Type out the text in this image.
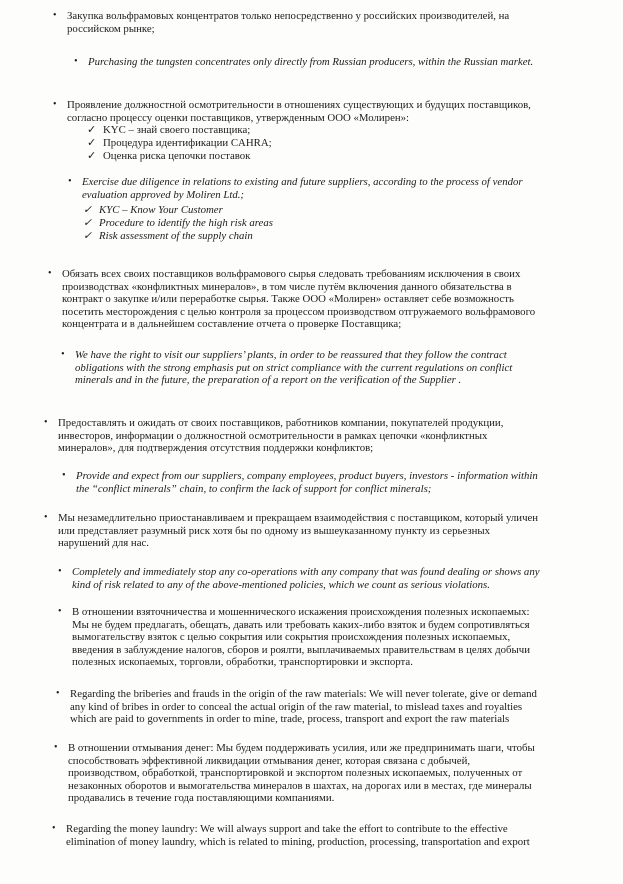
• Закупка вольфрамовых концентратов только непосредственно у российских производителей, на
российском рынке;
• Purchasing the tungsten concentrates only directly from Russian producers, within the Russian market.
• Проявление должностной осмотрительности в отношениях существующих и будущих поставщиков,
согласно процессу оценки поставщиков, утвержденным ООО «Молирен»:
✓ KYC – знай своего поставщика;
✓ Процедура идентификации CAHRA;
✓ Оценка риска цепочки поставок
• Exercise due diligence in relations to existing and future suppliers, according to the process of vendor
evaluation approved by Moliren Ltd.;
✓ KYC – Know Your Customer
✓ Procedure to identify the high risk areas
✓ Risk assessment of the supply chain
• Обязать всех своих поставщиков вольфрамового сырья следовать требованиям исключения в своих
производствах «конфликтных минералов», в том числе путём включения данного обязательства в
контракт о закупке и/или переработке сырья. Также ООО «Молирен» оставляет себе возможность
посетить месторождения с целью контроля за процессом производством отгружаемого вольфрамового
концентрата и в дальнейшем составление отчета о проверке Поставщика;
• We have the right to visit our suppliers’ plants, in order to be reassured that they follow the contract
obligations with the strong emphasis put on strict compliance with the current regulations on conflict
minerals and in the future, the preparation of a report on the verification of the Supplier .
• Предоставлять и ожидать от своих поставщиков, работников компании, покупателей продукции,
инвесторов, информации о должностной осмотрительности в рамках цепочки «конфликтных
минералов», для подтверждения отсутствия поддержки конфликтов;
• Provide and expect from our suppliers, company employees, product buyers, investors - information within
the “conflict minerals” chain, to confirm the lack of support for conflict minerals;
• Мы незамедлительно приостанавливаем и прекращаем взаимодействия с поставщиком, который уличен
или представляет разумный риск хотя бы по одному из вышеуказанному пункту из серьезных
нарушений для нас.
• Completely and immediately stop any co-operations with any company that was found dealing or shows any
kind of risk related to any of the above-mentioned policies, which we count as serious violations.
• В отношении взяточничества и мошеннического искажения происхождения полезных ископаемых:
Мы не будем предлагать, обещать, давать или требовать каких-либо взяток и будем сопротивляться
вымогательству взяток с целью сокрытия или сокрытия происхождения полезных ископаемых,
введения в заблуждение налогов, сборов и роялти, выплачиваемых правительствам в целях добычи
полезных ископаемых, торговли, обработки, транспортировки и экспорта.
• Regarding the briberies and frauds in the origin of the raw materials: We will never tolerate, give or demand
any kind of bribes in order to conceal the actual origin of the raw material, to mislead taxes and royalties
which are paid to governments in order to mine, trade, process, transport and export the raw materials
• В отношении отмывания денег: Мы будем поддерживать усилия, или же предпринимать шаги, чтобы
способствовать эффективной ликвидации отмывания денег, которая связана с добычей,
производством, обработкой, транспортировкой и экспортом полезных ископаемых, полученных от
незаконных оборотов и вымогательства минералов в шахтах, на дорогах или в местах, где минералы
продавались в течение года поставляющими компаниями.
• Regarding the money laundry: We will always support and take the effort to contribute to the effective
elimination of money laundry, which is related to mining, production, processing, transportation and export
